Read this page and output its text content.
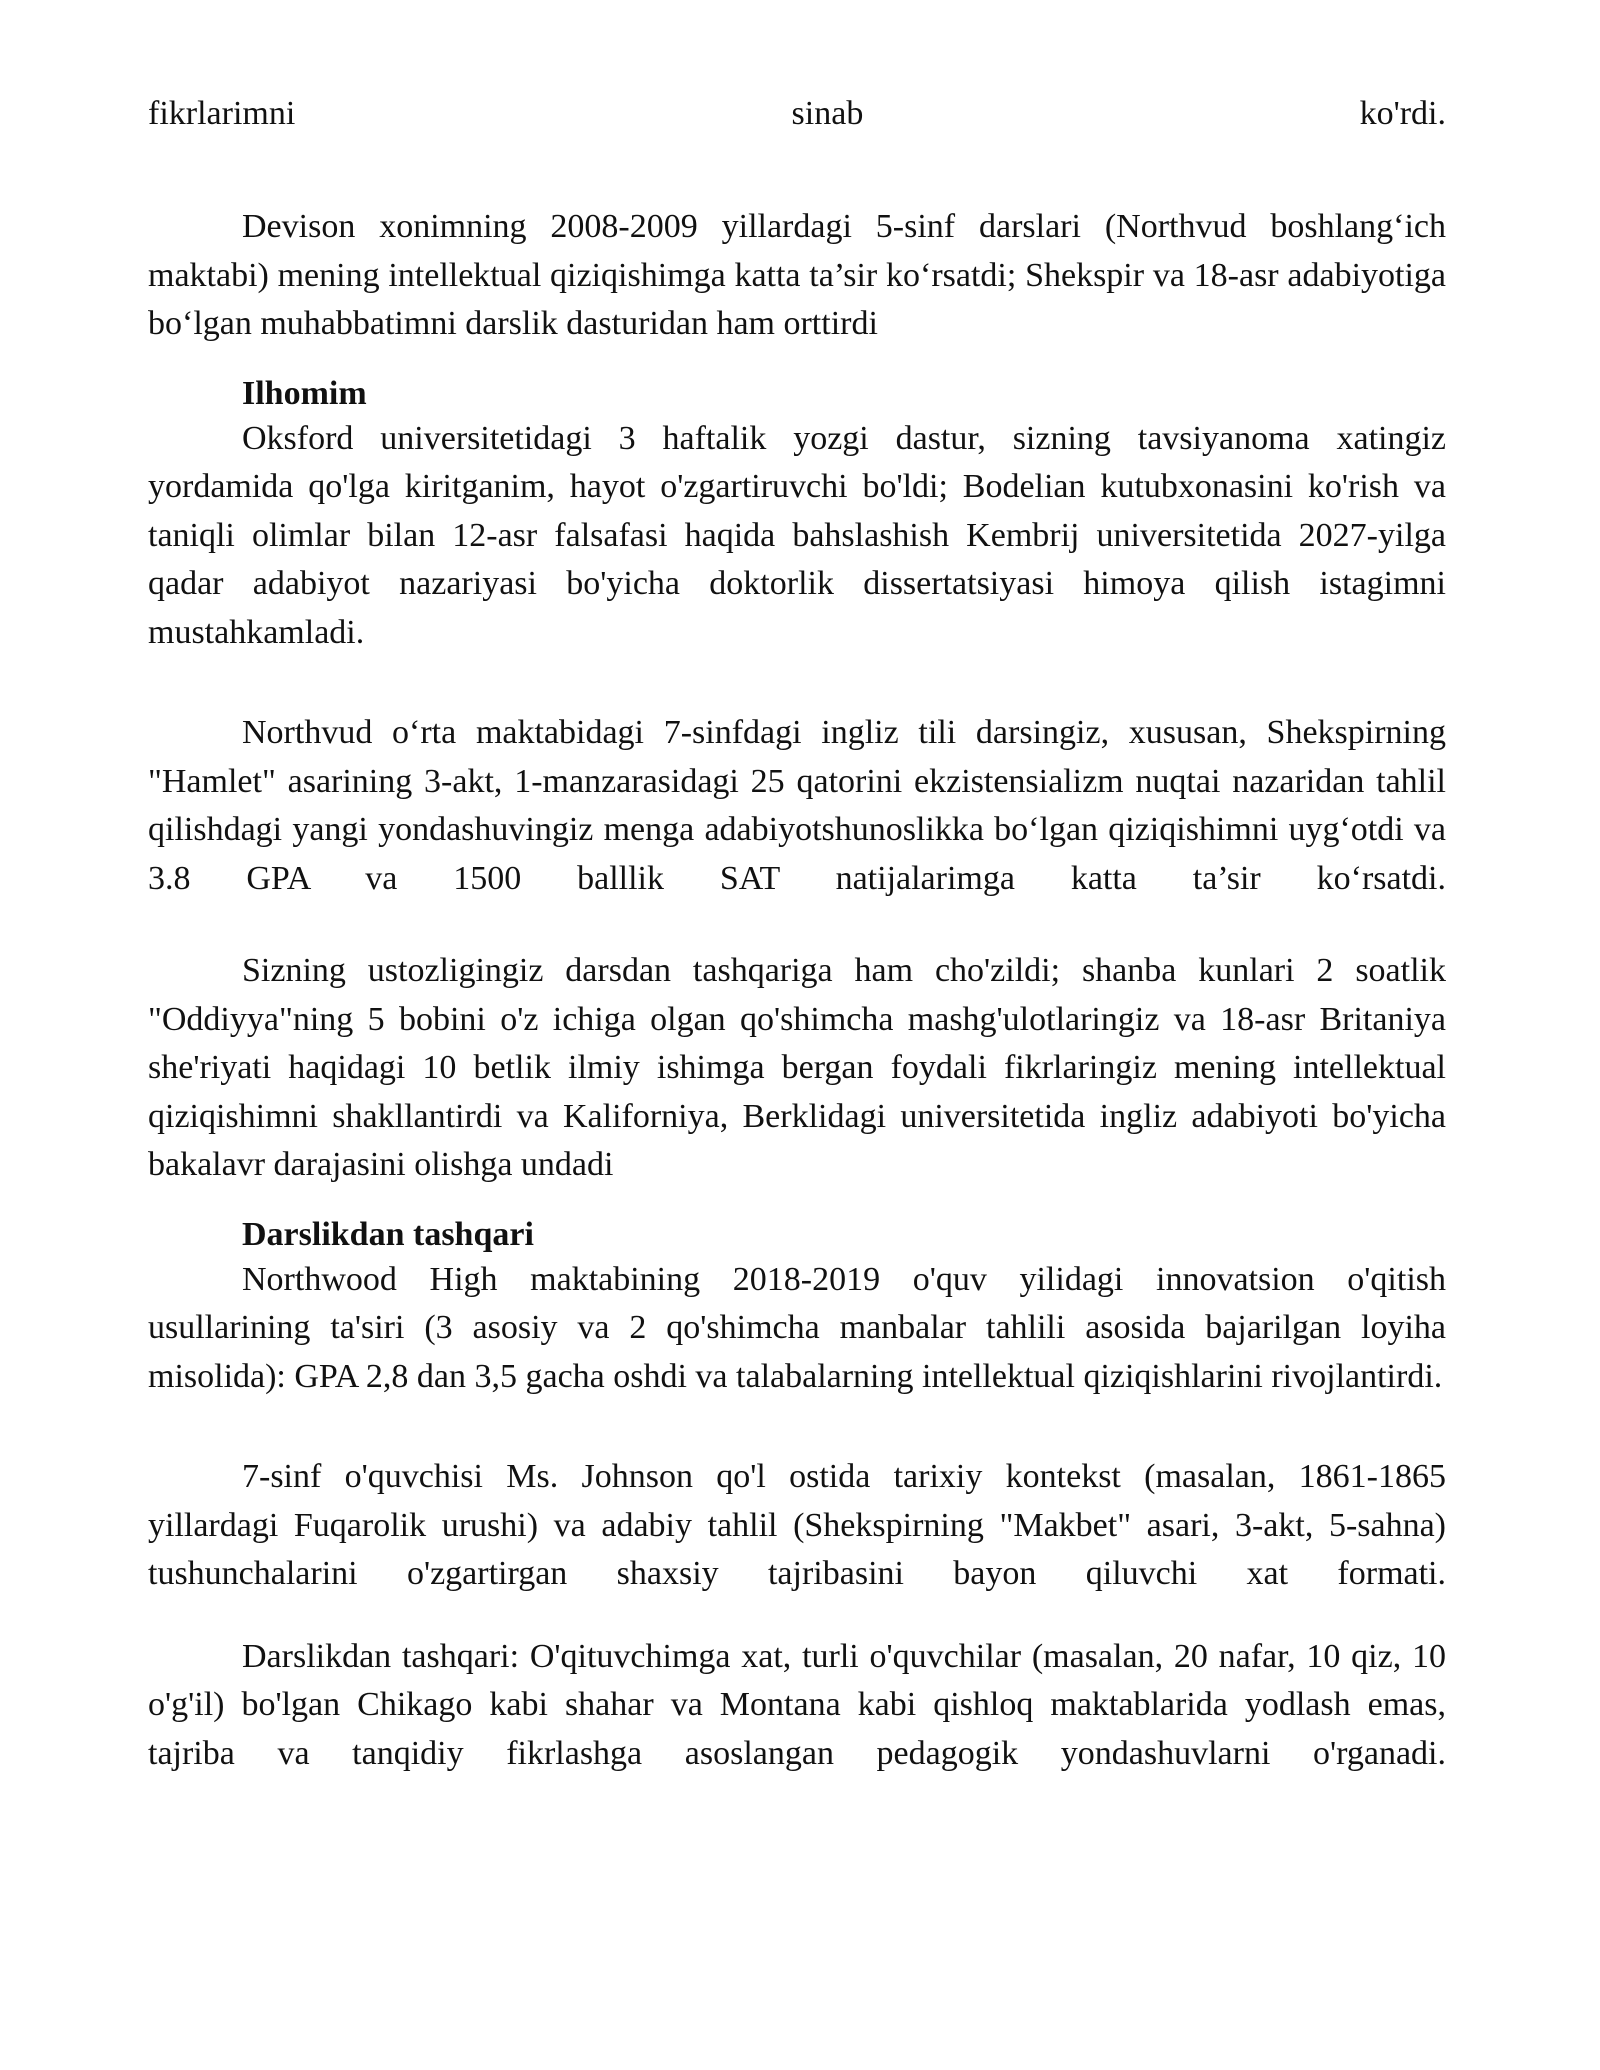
fikrlarimni	sinab	ko'rdi.

Devison xonimning 2008-2009 yillardagi 5-sinf darslari (Northvud boshlang‘ich maktabi) mening intellektual qiziqishimga katta ta’sir ko‘rsatdi; Shekspir va 18-asr adabiyotiga bo‘lgan muhabbatimni darslik dasturidan ham orttirdi

Ilhomim

Oksford universitetidagi 3 haftalik yozgi dastur, sizning tavsiyanoma xatingiz yordamida qo'lga kiritganim, hayot o'zgartiruvchi bo'ldi; Bodelian kutubxonasini ko'rish va taniqli olimlar bilan 12-asr falsafasi haqida bahslashish Kembrij universitetida 2027-yilga qadar adabiyot nazariyasi bo'yicha doktorlik dissertatsiyasi himoya qilish istagimni mustahkamladi.

Northvud o‘rta maktabidagi 7-sinfdagi ingliz tili darsingiz, xususan, Shekspirning "Hamlet" asarining 3-akt, 1-manzarasidagi 25 qatorini ekzistensializm nuqtai nazaridan tahlil qilishdagi yangi yondashuvingiz menga adabiyotshunoslikka bo‘lgan qiziqishimni uyg‘otdi va 3.8 GPA va 1500 balllik SAT natijalarimga katta ta’sir ko‘rsatdi.

Sizning ustozligingiz darsdan tashqariga ham cho'zildi; shanba kunlari 2 soatlik "Oddiyya"ning 5 bobini o'z ichiga olgan qo'shimcha mashg'ulotlaringiz va 18-asr Britaniya she'riyati haqidagi 10 betlik ilmiy ishimga bergan foydali fikrlaringiz mening intellektual qiziqishimni shakllantirdi va Kaliforniya, Berklidagi universitetida ingliz adabiyoti bo'yicha bakalavr darajasini olishga undadi

Darslikdan tashqari

Northwood High maktabining 2018-2019 o'quv yilidagi innovatsion o'qitish usullarining ta'siri (3 asosiy va 2 qo'shimcha manbalar tahlili asosida bajarilgan loyiha misolida): GPA 2,8 dan 3,5 gacha oshdi va talabalarning intellektual qiziqishlarini rivojlantirdi.

7-sinf o'quvchisi Ms. Johnson qo'l ostida tarixiy kontekst (masalan, 1861-1865 yillardagi Fuqarolik urushi) va adabiy tahlil (Shekspirning "Makbet" asari, 3-akt, 5-sahna) tushunchalarini o'zgartirgan shaxsiy tajribasini bayon qiluvchi xat formati.

Darslikdan tashqari: O'qituvchimga xat, turli o'quvchilar (masalan, 20 nafar, 10 qiz, 10 o'g'il) bo'lgan Chikago kabi shahar va Montana kabi qishloq maktablarida yodlash emas, tajriba va tanqidiy fikrlashga asoslangan pedagogik yondashuvlarni o'rganadi.
